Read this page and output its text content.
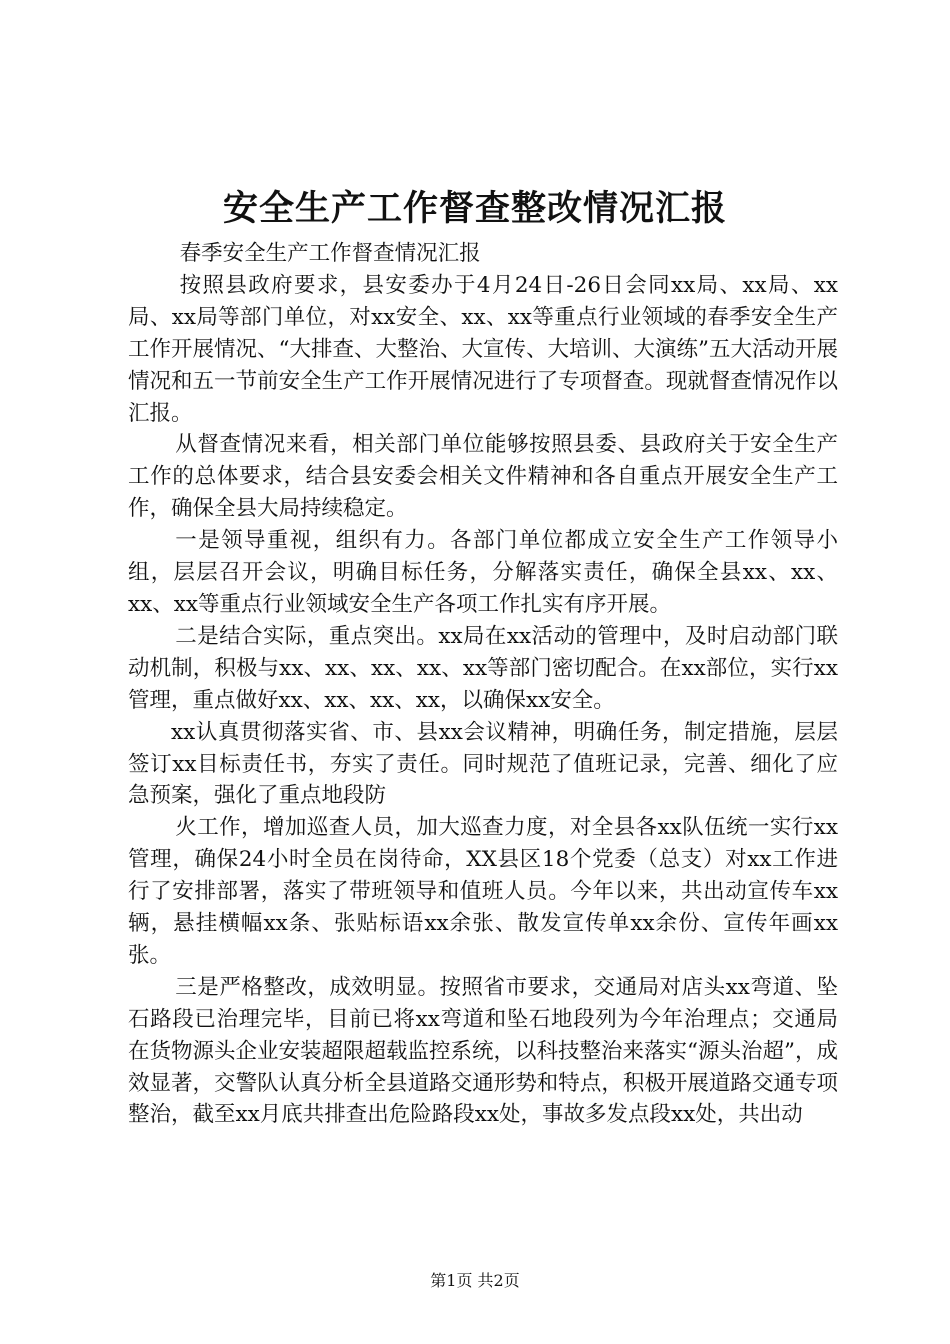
安全生产工作督查整改情况汇报

春季安全生产工作督查情况汇报

按照县政府要求，县安委办于4月24日-26日会同xx局、xx局、xx局、xx局等部门单位，对xx安全、xx、xx等重点行业领域的春季安全生产工作开展情况、“大排查、大整治、大宣传、大培训、大演练”五大活动开展情况和五一节前安全生产工作开展情况进行了专项督查。现就督查情况作以汇报。

从督查情况来看，相关部门单位能够按照县委、县政府关于安全生产工作的总体要求，结合县安委会相关文件精神和各自重点开展安全生产工作，确保全县大局持续稳定。

一是领导重视，组织有力。各部门单位都成立安全生产工作领导小组，层层召开会议，明确目标任务，分解落实责任，确保全县xx、xx、xx、xx等重点行业领域安全生产各项工作扎实有序开展。

二是结合实际，重点突出。xx局在xx活动的管理中，及时启动部门联动机制，积极与xx、xx、xx、xx、xx等部门密切配合。在xx部位，实行xx管理，重点做好xx、xx、xx、xx，以确保xx安全。

xx认真贯彻落实省、市、县xx会议精神，明确任务，制定措施，层层签订xx目标责任书，夯实了责任。同时规范了值班记录，完善、细化了应急预案，强化了重点地段防

火工作，增加巡查人员，加大巡查力度，对全县各xx队伍统一实行xx管理，确保24小时全员在岗待命，XX县区18个党委（总支）对xx工作进行了安排部署，落实了带班领导和值班人员。今年以来，共出动宣传车xx辆，悬挂横幅xx条、张贴标语xx余张、散发宣传单xx余份、宣传年画xx张。

三是严格整改，成效明显。按照省市要求，交通局对店头xx弯道、坠石路段已治理完毕，目前已将xx弯道和坠石地段列为今年治理点；交通局在货物源头企业安装超限超载监控系统，以科技整治来落实“源头治超”，成效显著，交警队认真分析全县道路交通形势和特点，积极开展道路交通专项整治，截至xx月底共排查出危险路段xx处，事故多发点段xx处，共出动

第1页 共2页
